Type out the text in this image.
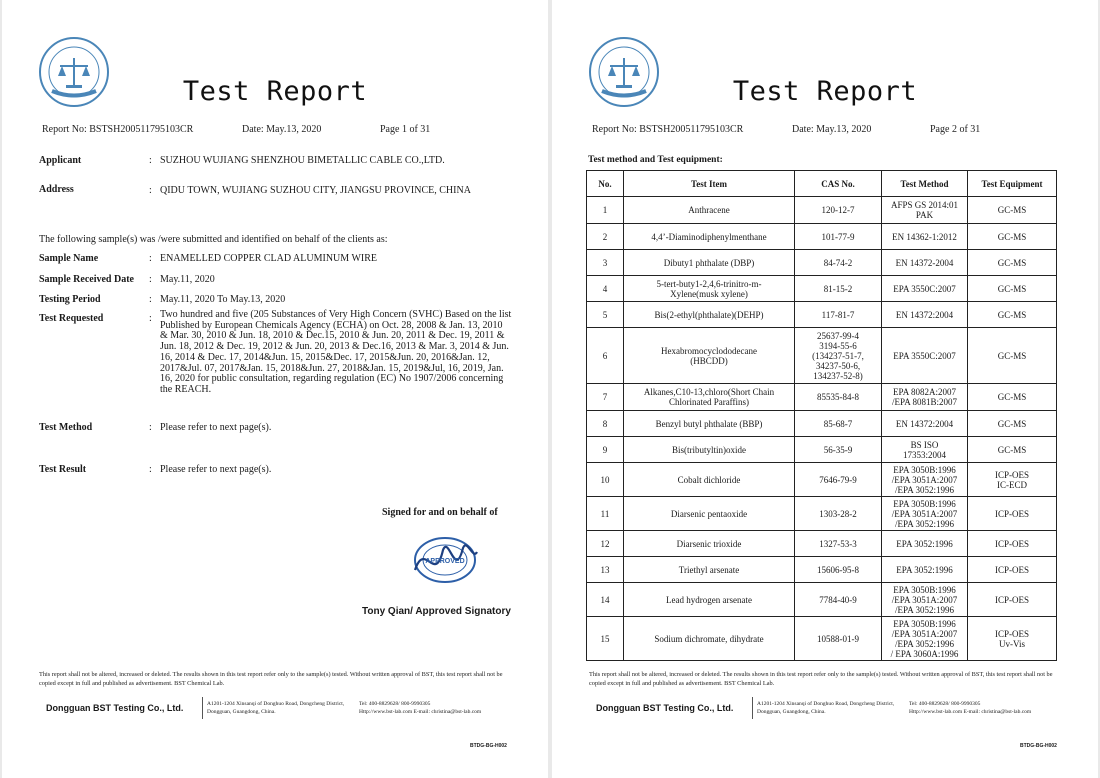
Test Report
Report No: BSTSH200511795103CR	Date: May.13, 2020	Page 1 of 31
Applicant	: SUZHOU WUJIANG SHENZHOU BIMETALLIC CABLE CO.,LTD.
Address	: QIDU TOWN, WUJIANG SUZHOU CITY, JIANGSU PROVINCE, CHINA
The following sample(s) was /were submitted and identified on behalf of the clients as:
Sample Name	: ENAMELLED COPPER CLAD ALUMINUM WIRE
Sample Received Date : May.11, 2020
Testing Period	: May.11, 2020 To May.13, 2020
Test Requested	: Two hundred and five (205 Substances of Very High Concern (SVHC) Based on the list Published by European Chemicals Agency (ECHA) on Oct. 28, 2008 & Jan. 13, 2010 & Mar. 30, 2010 & Jun. 18, 2010 & Dec.15, 2010 & Jun. 20, 2011 & Dec. 19, 2011 & Jun. 18, 2012 & Dec. 19, 2012 & Jun. 20, 2013 & Dec.16, 2013 & Mar. 3, 2014 & Jun. 16, 2014 & Dec. 17, 2014&Jun. 15, 2015&Dec. 17, 2015&Jun. 20, 2016&Jan. 12, 2017&Jul. 07, 2017&Jan. 15, 2018&Jun. 27, 2018&Jan. 15, 2019&Jul, 16, 2019, Jan. 16, 2020 for public consultation, regarding regulation (EC) No 1907/2006 concerning the REACH.
Test Method	: Please refer to next page(s).
Test Result	: Please refer to next page(s).
Signed for and on behalf of
APPROVED
Tony Qian/ Approved Signatory
This report shall not be altered, increased or deleted. The results shown in this test report refer only to the sample(s) tested. Without written approval of BST, this test report shall not be copied except in full and published as advertisement. BST Chemical Lab.
Dongguan BST Testing Co., Ltd.	A1201-1204 Xinsanqi of Donghuo Road, Dongcheng District,
Dongguan, Guangdong, China.
Tel: 400-8829628/ 800-9990305
Http://www.bst-lab.com E-mail: christina@bst-lab.com
BTDG-BG-H002
Test Report
Report No: BSTSH200511795103CR	Date: May.13, 2020	Page 2 of 31
Test method and Test equipment:
No.	Test Item	CAS No.	Test Method	Test Equipment
1	Anthracene	120-12-7	AFPS GS 2014:01
PAK	GC-MS
2	4,4’-Diaminodiphenylmenthane	101-77-9	EN 14362-1:2012	GC-MS
3	Dibuty1 phthalate (DBP)	84-74-2	EN 14372-2004	GC-MS
4	5-tert-buty1-2,4,6-trinitro-m-
Xylene(musk xylene)	81-15-2	EPA 3550C:2007	GC-MS
5	Bis(2-ethyl(phthalate)(DEHP)	117-81-7	EN 14372:2004	GC-MS
6	Hexabromocyclododecane
(HBCDD)	25637-99-4
3194-55-6
(134237-51-7,
34237-50-6,
134237-52-8)	EPA 3550C:2007	GC-MS
7	Alkanes,C10-13,chloro(Short Chain
Chlorinated Paraffins)	85535-84-8	EPA 8082A:2007
/EPA 8081B:2007	GC-MS
8	Benzyl butyl phthalate (BBP)	85-68-7	EN 14372:2004	GC-MS
9	Bis(tributyltin)oxide	56-35-9	BS ISO
17353:2004	GC-MS
10	Cobalt dichloride	7646-79-9	EPA 3050B:1996
/EPA 3051A:2007
/EPA 3052:1996	ICP-OES
IC-ECD
11	Diarsenic pentaoxide	1303-28-2	EPA 3050B:1996
/EPA 3051A:2007
/EPA 3052:1996	ICP-OES
12	Diarsenic trioxide	1327-53-3	EPA 3052:1996	ICP-OES
13	Triethyl arsenate	15606-95-8	EPA 3052:1996	ICP-OES
14	Lead hydrogen arsenate	7784-40-9	EPA 3050B:1996
/EPA 3051A:2007
/EPA 3052:1996	ICP-OES
15	Sodium dichromate, dihydrate	10588-01-9	EPA 3050B:1996
/EPA 3051A:2007
/EPA 3052:1996
/ EPA 3060A:1996	ICP-OES
Uv-Vis
This report shall not be altered, increased or deleted. The results shown in this test report refer only to the sample(s) tested. Without written approval of BST, this test report shall not be copied except in full and published as advertisement. BST Chemical Lab.
Dongguan BST Testing Co., Ltd.	A1201-1204 Xinsanqi of Donghuo Road, Dongcheng District,
Dongguan, Guangdong, China.
Tel: 400-8829628/ 800-9990305
Http://www.bst-lab.com E-mail: christina@bst-lab.com
BTDG-BG-H002
